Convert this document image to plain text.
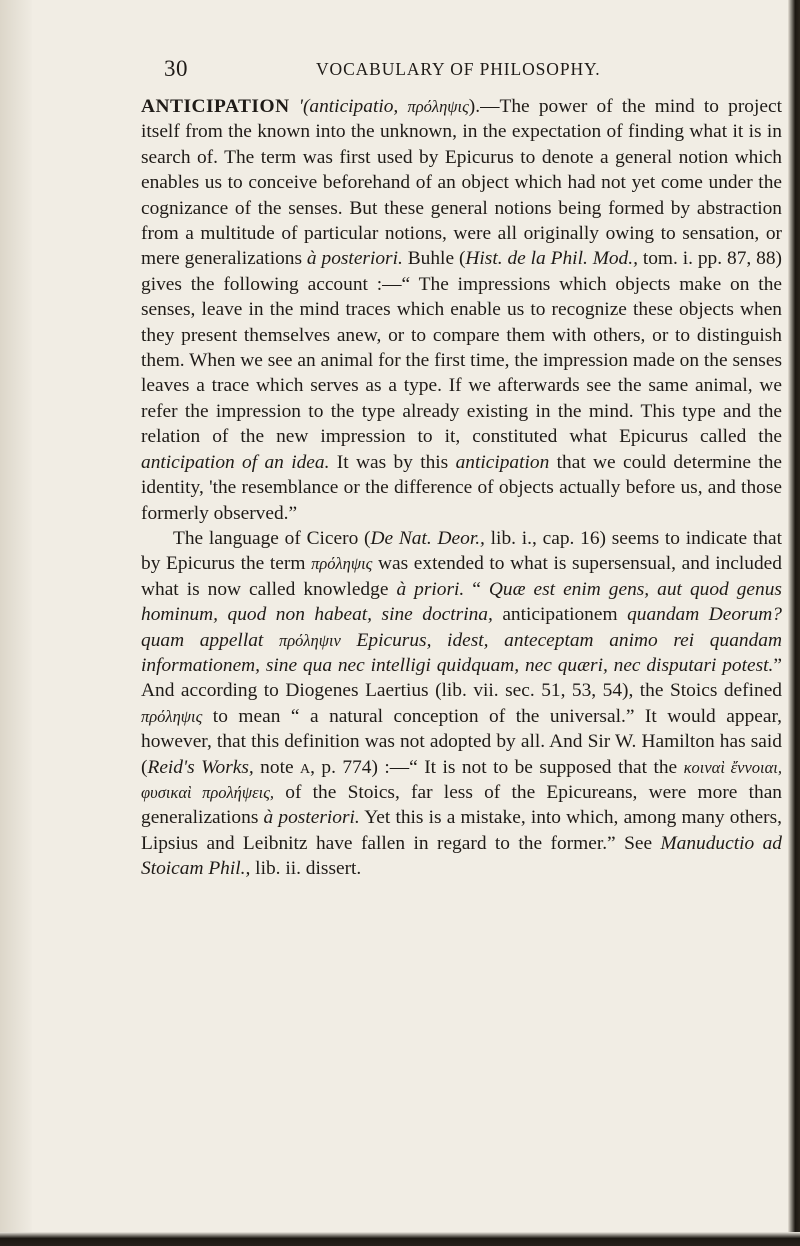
30	VOCABULARY OF PHILOSOPHY.

ANTICIPATION '(anticipatio, πρόληψις).—The power of the mind to project itself from the known into the unknown, in the expectation of finding what it is in search of. The term was first used by Epicurus to denote a general notion which enables us to conceive beforehand of an object which had not yet come under the cognizance of the senses. But these general notions being formed by abstraction from a multitude of particular notions, were all originally owing to sensation, or mere generalizations à posteriori. Buhle (Hist. de la Phil. Mod., tom. i. pp. 87, 88) gives the following account :—“ The impressions which objects make on the senses, leave in the mind traces which enable us to recognize these objects when they present themselves anew, or to compare them with others, or to distinguish them. When we see an animal for the first time, the impression made on the senses leaves a trace which serves as a type. If we afterwards see the same animal, we refer the impression to the type already existing in the mind. This type and the relation of the new impression to it, constituted what Epicurus called the anticipation of an idea. It was by this anticipation that we could determine the identity, 'the resemblance or the difference of objects actually before us, and those formerly observed.”

The language of Cicero (De Nat. Deor., lib. i., cap. 16) seems to indicate that by Epicurus the term πρόληψις was extended to what is supersensual, and included what is now called knowledge à priori. “ Quæ est enim gens, aut quod genus hominum, quod non habeat, sine doctrina, anticipationem quandam Deorum? quam appellat πρόληψιν Epicurus, idest, anteceptam animo rei quandam informationem, sine qua nec intelligi quidquam, nec quæri, nec disputari potest.” And according to Diogenes Laertius (lib. vii. sec. 51, 53, 54), the Stoics defined πρόληψις to mean “ a natural conception of the universal.” It would appear, however, that this definition was not adopted by all. And Sir W. Hamilton has said (Reid's Works, note a, p. 774) :—“ It is not to be supposed that the κοιναὶ ἔννοιαι, φυσικαὶ προλήψεις, of the Stoics, far less of the Epicureans, were more than generalizations à posteriori. Yet this is a mistake, into which, among many others, Lipsius and Leibnitz have fallen in regard to the former.” See Manuductio ad Stoicam Phil., lib. ii. dissert.
